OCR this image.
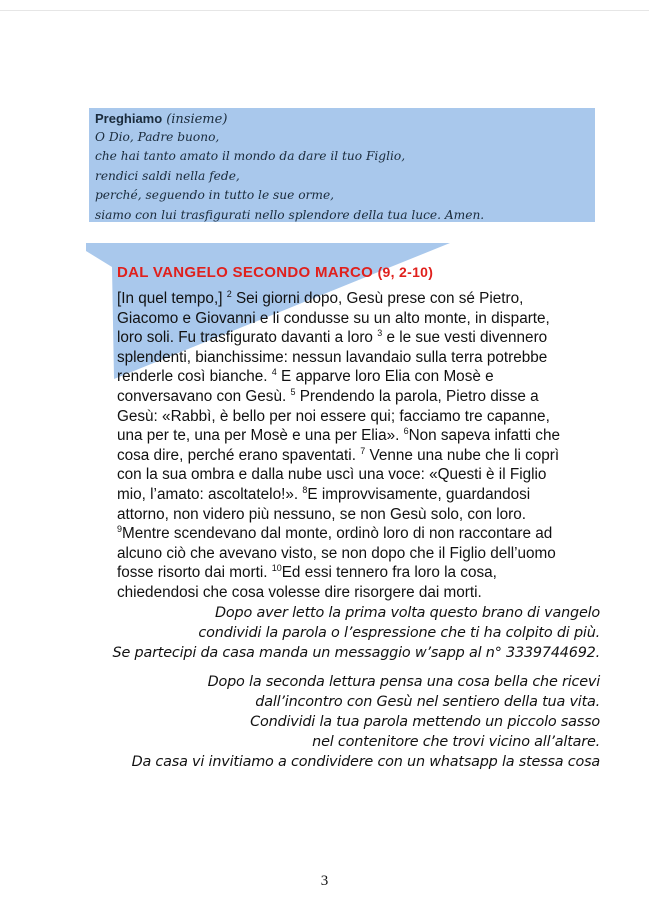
Preghiamo (insieme)
O Dio, Padre buono,
che hai tanto amato il mondo da dare il tuo Figlio,
rendici saldi nella fede,
perché, seguendo in tutto le sue orme,
siamo con lui trasfigurati nello splendore della tua luce. Amen.
DAL VANGELO SECONDO MARCO (9, 2-10)
[In quel tempo,] $^2$ Sei giorni dopo, Gesù prese con sé Pietro,
Giacomo e Giovanni e li condusse su un alto monte, in disparte,
loro soli. Fu trasfigurato davanti a loro $^3$ e le sue vesti divennero
splendenti, bianchissime: nessun lavandaio sulla terra potrebbe
renderle così bianche. $^4$ E apparve loro Elia con Mosè e
conversavano con Gesù. $^5$ Prendendo la parola, Pietro disse a
Gesù: «Rabbì, è bello per noi essere qui; facciamo tre capanne,
una per te, una per Mosè e una per Elia». $^6$Non sapeva infatti che
cosa dire, perché erano spaventati. $^7$ Venne una nube che li coprì
con la sua ombra e dalla nube uscì una voce: «Questi è il Figlio
mio, l’amato: ascoltatelo!». $^8$E improvvisamente, guardandosi
attorno, non videro più nessuno, se non Gesù solo, con loro.
$^9$Mentre scendevano dal monte, ordinò loro di non raccontare ad
alcuno ciò che avevano visto, se non dopo che il Figlio dell’uomo
fosse risorto dai morti. $^{10}$Ed essi tennero fra loro la cosa,
chiedendosi che cosa volesse dire risorgere dai morti.
Dopo aver letto la prima volta questo brano di vangelo
condividi la parola o l’espressione che ti ha colpito di più.
Se partecipi da casa manda un messaggio w’sapp al n° 3339744692.
Dopo la seconda lettura pensa una cosa bella che ricevi
dall’incontro con Gesù nel sentiero della tua vita.
Condividi la tua parola mettendo un piccolo sasso
nel contenitore che trovi vicino all’altare.
Da casa vi invitiamo a condividere con un whatsapp la stessa cosa
3
